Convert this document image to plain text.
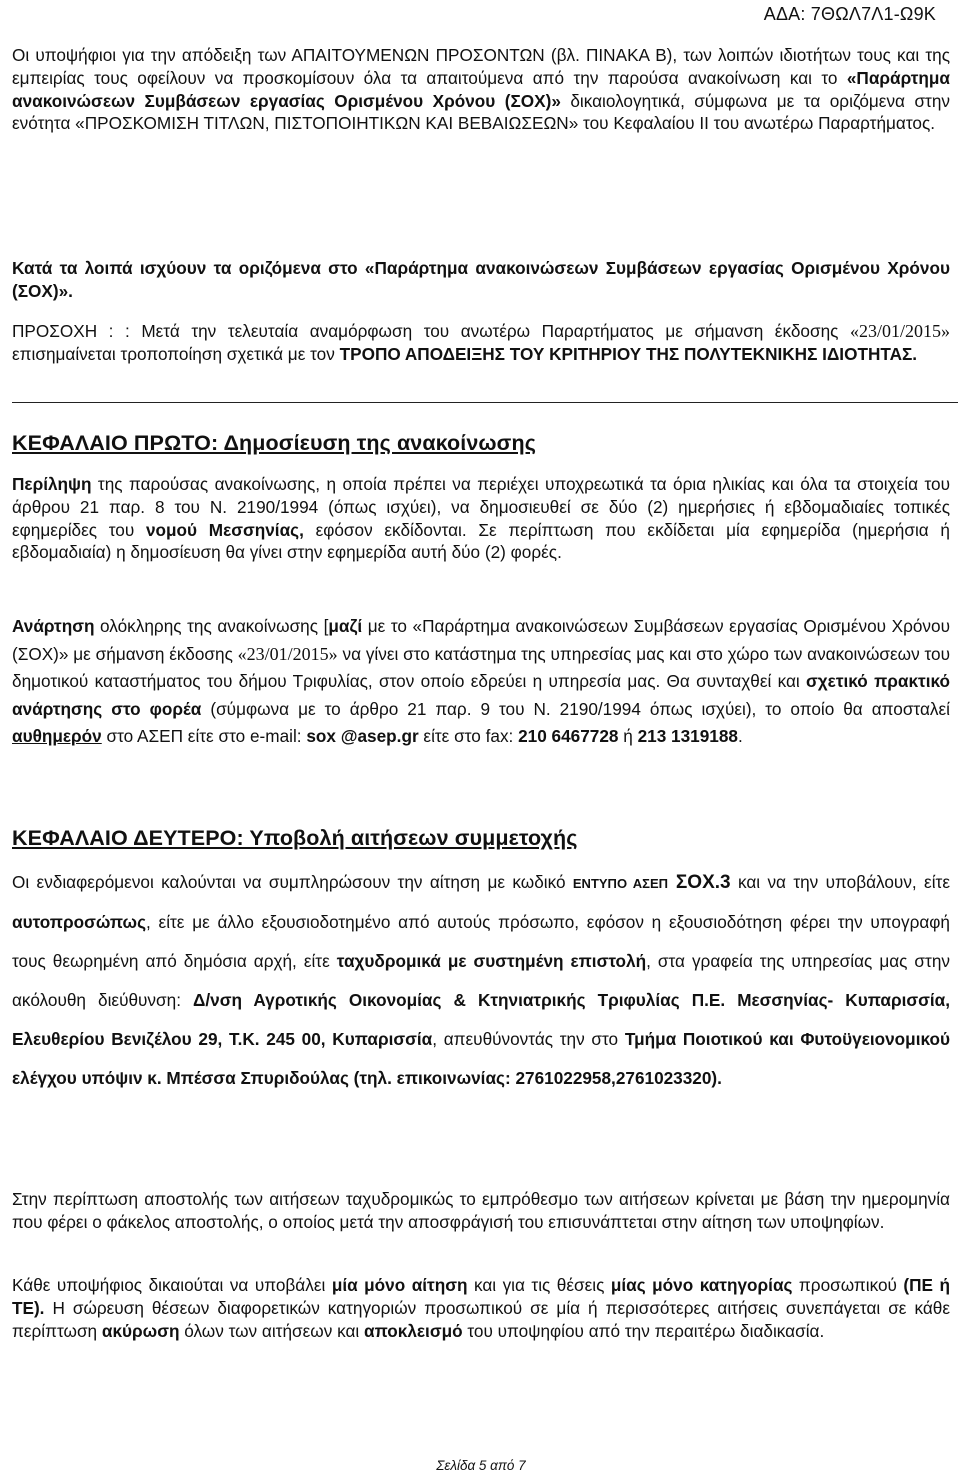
ΑΔΑ: 7ΘΩΛ7Λ1-Ω9Κ
Οι υποψήφιοι για την απόδειξη των ΑΠΑΙΤΟΥΜΕΝΩΝ ΠΡΟΣΟΝΤΩΝ (βλ. ΠΙΝΑΚΑ Β), των λοιπών ιδιοτήτων τους και της εμπειρίας τους οφείλουν να προσκομίσουν όλα τα απαιτούμενα από την παρούσα ανακοίνωση και το «Παράρτημα ανακοινώσεων Συμβάσεων εργασίας Ορισμένου Χρόνου (ΣΟΧ)» δικαιολογητικά, σύμφωνα με τα οριζόμενα στην ενότητα «ΠΡΟΣΚΟΜΙΣΗ ΤΙΤΛΩΝ, ΠΙΣΤΟΠΟΙΗΤΙΚΩΝ ΚΑΙ ΒΕΒΑΙΩΣΕΩΝ» του Κεφαλαίου ΙΙ του ανωτέρω Παραρτήματος.
Κατά τα λοιπά ισχύουν τα οριζόμενα στο «Παράρτημα ανακοινώσεων Συμβάσεων εργασίας Ορισμένου Χρόνου (ΣΟΧ)».
ΠΡΟΣΟΧΗ : : Μετά την τελευταία αναμόρφωση του ανωτέρω Παραρτήματος με σήμανση έκδοσης «23/01/2015» επισημαίνεται τροποποίηση σχετικά με τον ΤΡΟΠΟ ΑΠΟΔΕΙΞΗΣ ΤΟΥ ΚΡΙΤΗΡΙΟΥ ΤΗΣ ΠΟΛΥΤΕΚΝΙΚΗΣ ΙΔΙΟΤΗΤΑΣ.
ΚΕΦΑΛΑΙΟ ΠΡΩΤΟ: Δημοσίευση της ανακοίνωσης
Περίληψη της παρούσας ανακοίνωσης, η οποία πρέπει να περιέχει υποχρεωτικά τα όρια ηλικίας και όλα τα στοιχεία του άρθρου 21 παρ. 8 του Ν. 2190/1994 (όπως ισχύει), να δημοσιευθεί σε δύο (2) ημερήσιες ή εβδομαδιαίες τοπικές εφημερίδες του νομού Μεσσηνίας, εφόσον εκδίδονται. Σε περίπτωση που εκδίδεται μία εφημερίδα (ημερήσια ή εβδομαδιαία) η δημοσίευση θα γίνει στην εφημερίδα αυτή δύο (2) φορές.
Ανάρτηση ολόκληρης της ανακοίνωσης [μαζί με το «Παράρτημα ανακοινώσεων Συμβάσεων εργασίας Ορισμένου Χρόνου (ΣΟΧ)» με σήμανση έκδοσης «23/01/2015» να γίνει στο κατάστημα της υπηρεσίας μας και στο χώρο των ανακοινώσεων του δημοτικού καταστήματος του δήμου Τριφυλίας, στον οποίο εδρεύει η υπηρεσία μας. Θα συνταχθεί και σχετικό πρακτικό ανάρτησης στο φορέα (σύμφωνα με το άρθρο 21 παρ. 9 του Ν. 2190/1994 όπως ισχύει), το οποίο θα αποσταλεί αυθημερόν στο ΑΣΕΠ είτε στο e-mail: sox @asep.gr είτε στο fax: 210 6467728 ή 213 1319188.
ΚΕΦΑΛΑΙΟ ΔΕΥΤΕΡΟ: Υποβολή αιτήσεων συμμετοχής
Οι ενδιαφερόμενοι καλούνται να συμπληρώσουν την αίτηση με κωδικό ΕΝΤΥΠΟ ΑΣΕΠ ΣΟΧ.3 και να την υποβάλουν, είτε αυτοπροσώπως, είτε με άλλο εξουσιοδοτημένο από αυτούς πρόσωπο, εφόσον η εξουσιοδότηση φέρει την υπογραφή τους θεωρημένη από δημόσια αρχή, είτε ταχυδρομικά με συστημένη επιστολή, στα γραφεία της υπηρεσίας μας στην ακόλουθη διεύθυνση: Δ/νση Αγροτικής Οικονομίας & Κτηνιατρικής Τριφυλίας Π.Ε. Μεσσηνίας- Κυπαρισσία, Ελευθερίου Βενιζέλου 29, Τ.Κ. 245 00, Κυπαρισσία, απευθύνοντάς την στο Τμήμα Ποιοτικού και Φυτοϋγειονομικού ελέγχου υπόψιν κ. Μπέσσα Σπυριδούλας (τηλ. επικοινωνίας: 2761022958,2761023320).
Στην περίπτωση αποστολής των αιτήσεων ταχυδρομικώς το εμπρόθεσμο των αιτήσεων κρίνεται με βάση την ημερομηνία που φέρει ο φάκελος αποστολής, ο οποίος μετά την αποσφράγισή του επισυνάπτεται στην αίτηση των υποψηφίων.
Κάθε υποψήφιος δικαιούται να υποβάλει μία μόνο αίτηση και για τις θέσεις μίας μόνο κατηγορίας προσωπικού (ΠΕ ή ΤΕ). Η σώρευση θέσεων διαφορετικών κατηγοριών προσωπικού σε μία ή περισσότερες αιτήσεις συνεπάγεται σε κάθε περίπτωση ακύρωση όλων των αιτήσεων και αποκλεισμό του υποψηφίου από την περαιτέρω διαδικασία.
Σελίδα 5 από 7
